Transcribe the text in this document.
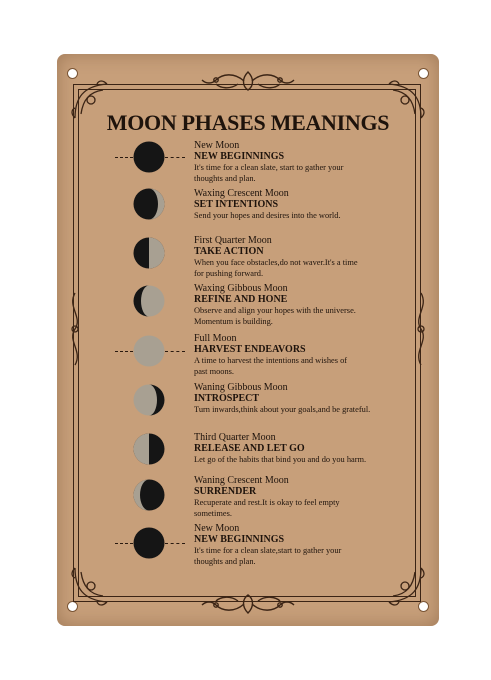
MOON PHASES MEANINGS
New Moon
NEW BEGINNINGS
It's time for a clean slate, start to gather your
thoughts and plan.
Waxing Crescent Moon
SET INTENTIONS
Send your hopes and desires into the world.
First Quarter Moon
TAKE ACTION
When you face obstacles,do not waver.It's a time
for pushing forward.
Waxing Gibbous Moon
REFINE AND HONE
Observe and align your hopes with the universe.
Momentum is building.
Full Moon
HARVEST ENDEAVORS
A time to harvest the intentions and wishes of
past moons.
Waning Gibbous Moon
INTROSPECT
Turn inwards,think about your goals,and be grateful.
Third Quarter Moon
RELEASE AND LET GO
Let go of the habits that bind you and do you harm.
Waning Crescent Moon
SURRENDER
Recuperate and rest.It is okay to feel empty
sometimes.
New Moon
NEW BEGINNINGS
It's time for a clean slate,start to gather your
thoughts and plan.
